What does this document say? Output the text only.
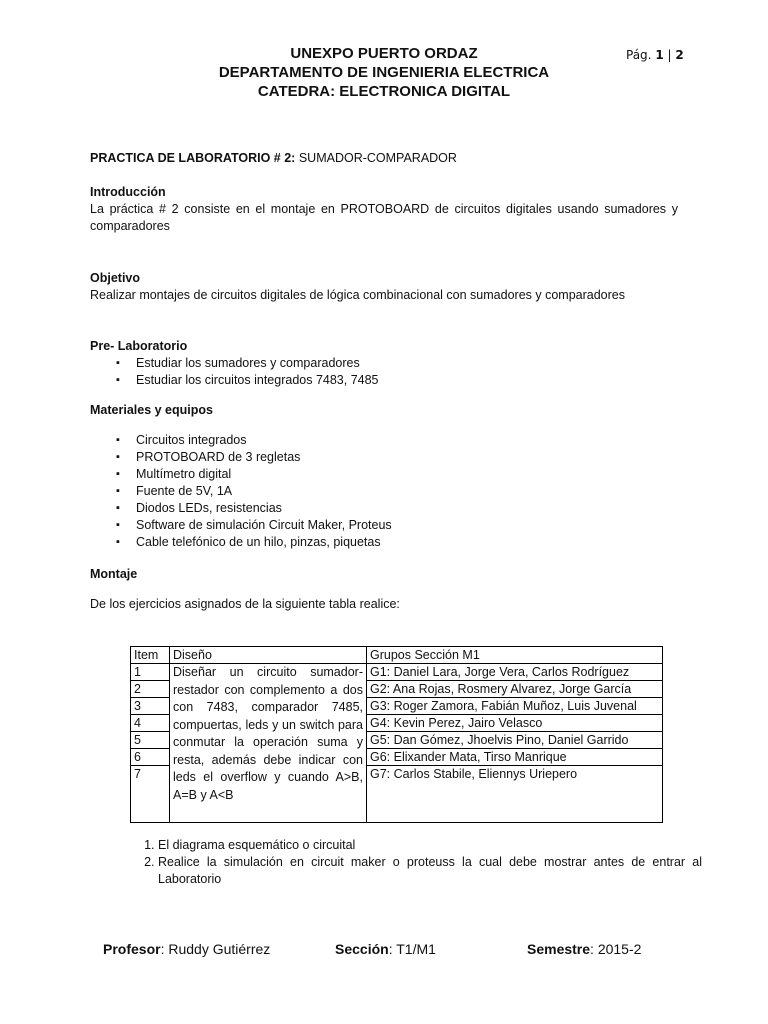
UNEXPO PUERTO ORDAZ
DEPARTAMENTO DE INGENIERIA ELECTRICA
CATEDRA: ELECTRONICA DIGITAL
Pág. 1 | 2
PRACTICA DE LABORATORIO # 2: SUMADOR-COMPARADOR
Introducción
La práctica # 2 consiste en el montaje en PROTOBOARD de circuitos digitales usando sumadores y comparadores
Objetivo
Realizar montajes de circuitos digitales de lógica combinacional con sumadores y comparadores
Pre- Laboratorio
▪ Estudiar los sumadores y comparadores
▪ Estudiar los circuitos integrados 7483, 7485
Materiales y equipos
▪ Circuitos integrados
▪ PROTOBOARD de 3 regletas
▪ Multímetro digital
▪ Fuente de 5V, 1A
▪ Diodos LEDs, resistencias
▪ Software de simulación Circuit Maker, Proteus
▪ Cable telefónico de un hilo, pinzas, piquetas
Montaje
De los ejercicios asignados de la siguiente tabla realice:
Item	Diseño	Grupos Sección M1
1	Diseñar un circuito sumador-restador con complemento a dos con 7483, comparador 7485, compuertas, leds y un switch para conmutar la operación suma y resta, además debe indicar con leds el overflow y cuando A>B, A=B y A<B	G1: Daniel Lara, Jorge Vera, Carlos Rodríguez
2		G2: Ana Rojas, Rosmery Alvarez, Jorge García
3		G3: Roger Zamora, Fabián Muñoz, Luis Juvenal
4		G4: Kevin Perez, Jairo Velasco
5		G5: Dan Gómez, Jhoelvis Pino, Daniel Garrido
6		G6: Elixander Mata, Tirso Manrique
7		G7: Carlos Stabile, Eliennys Uriepero
1. El diagrama esquemático o circuital
2. Realice la simulación en circuit maker o proteuss la cual debe mostrar antes de entrar al Laboratorio
Profesor: Ruddy Gutiérrez	Sección: T1/M1	Semestre: 2015-2
